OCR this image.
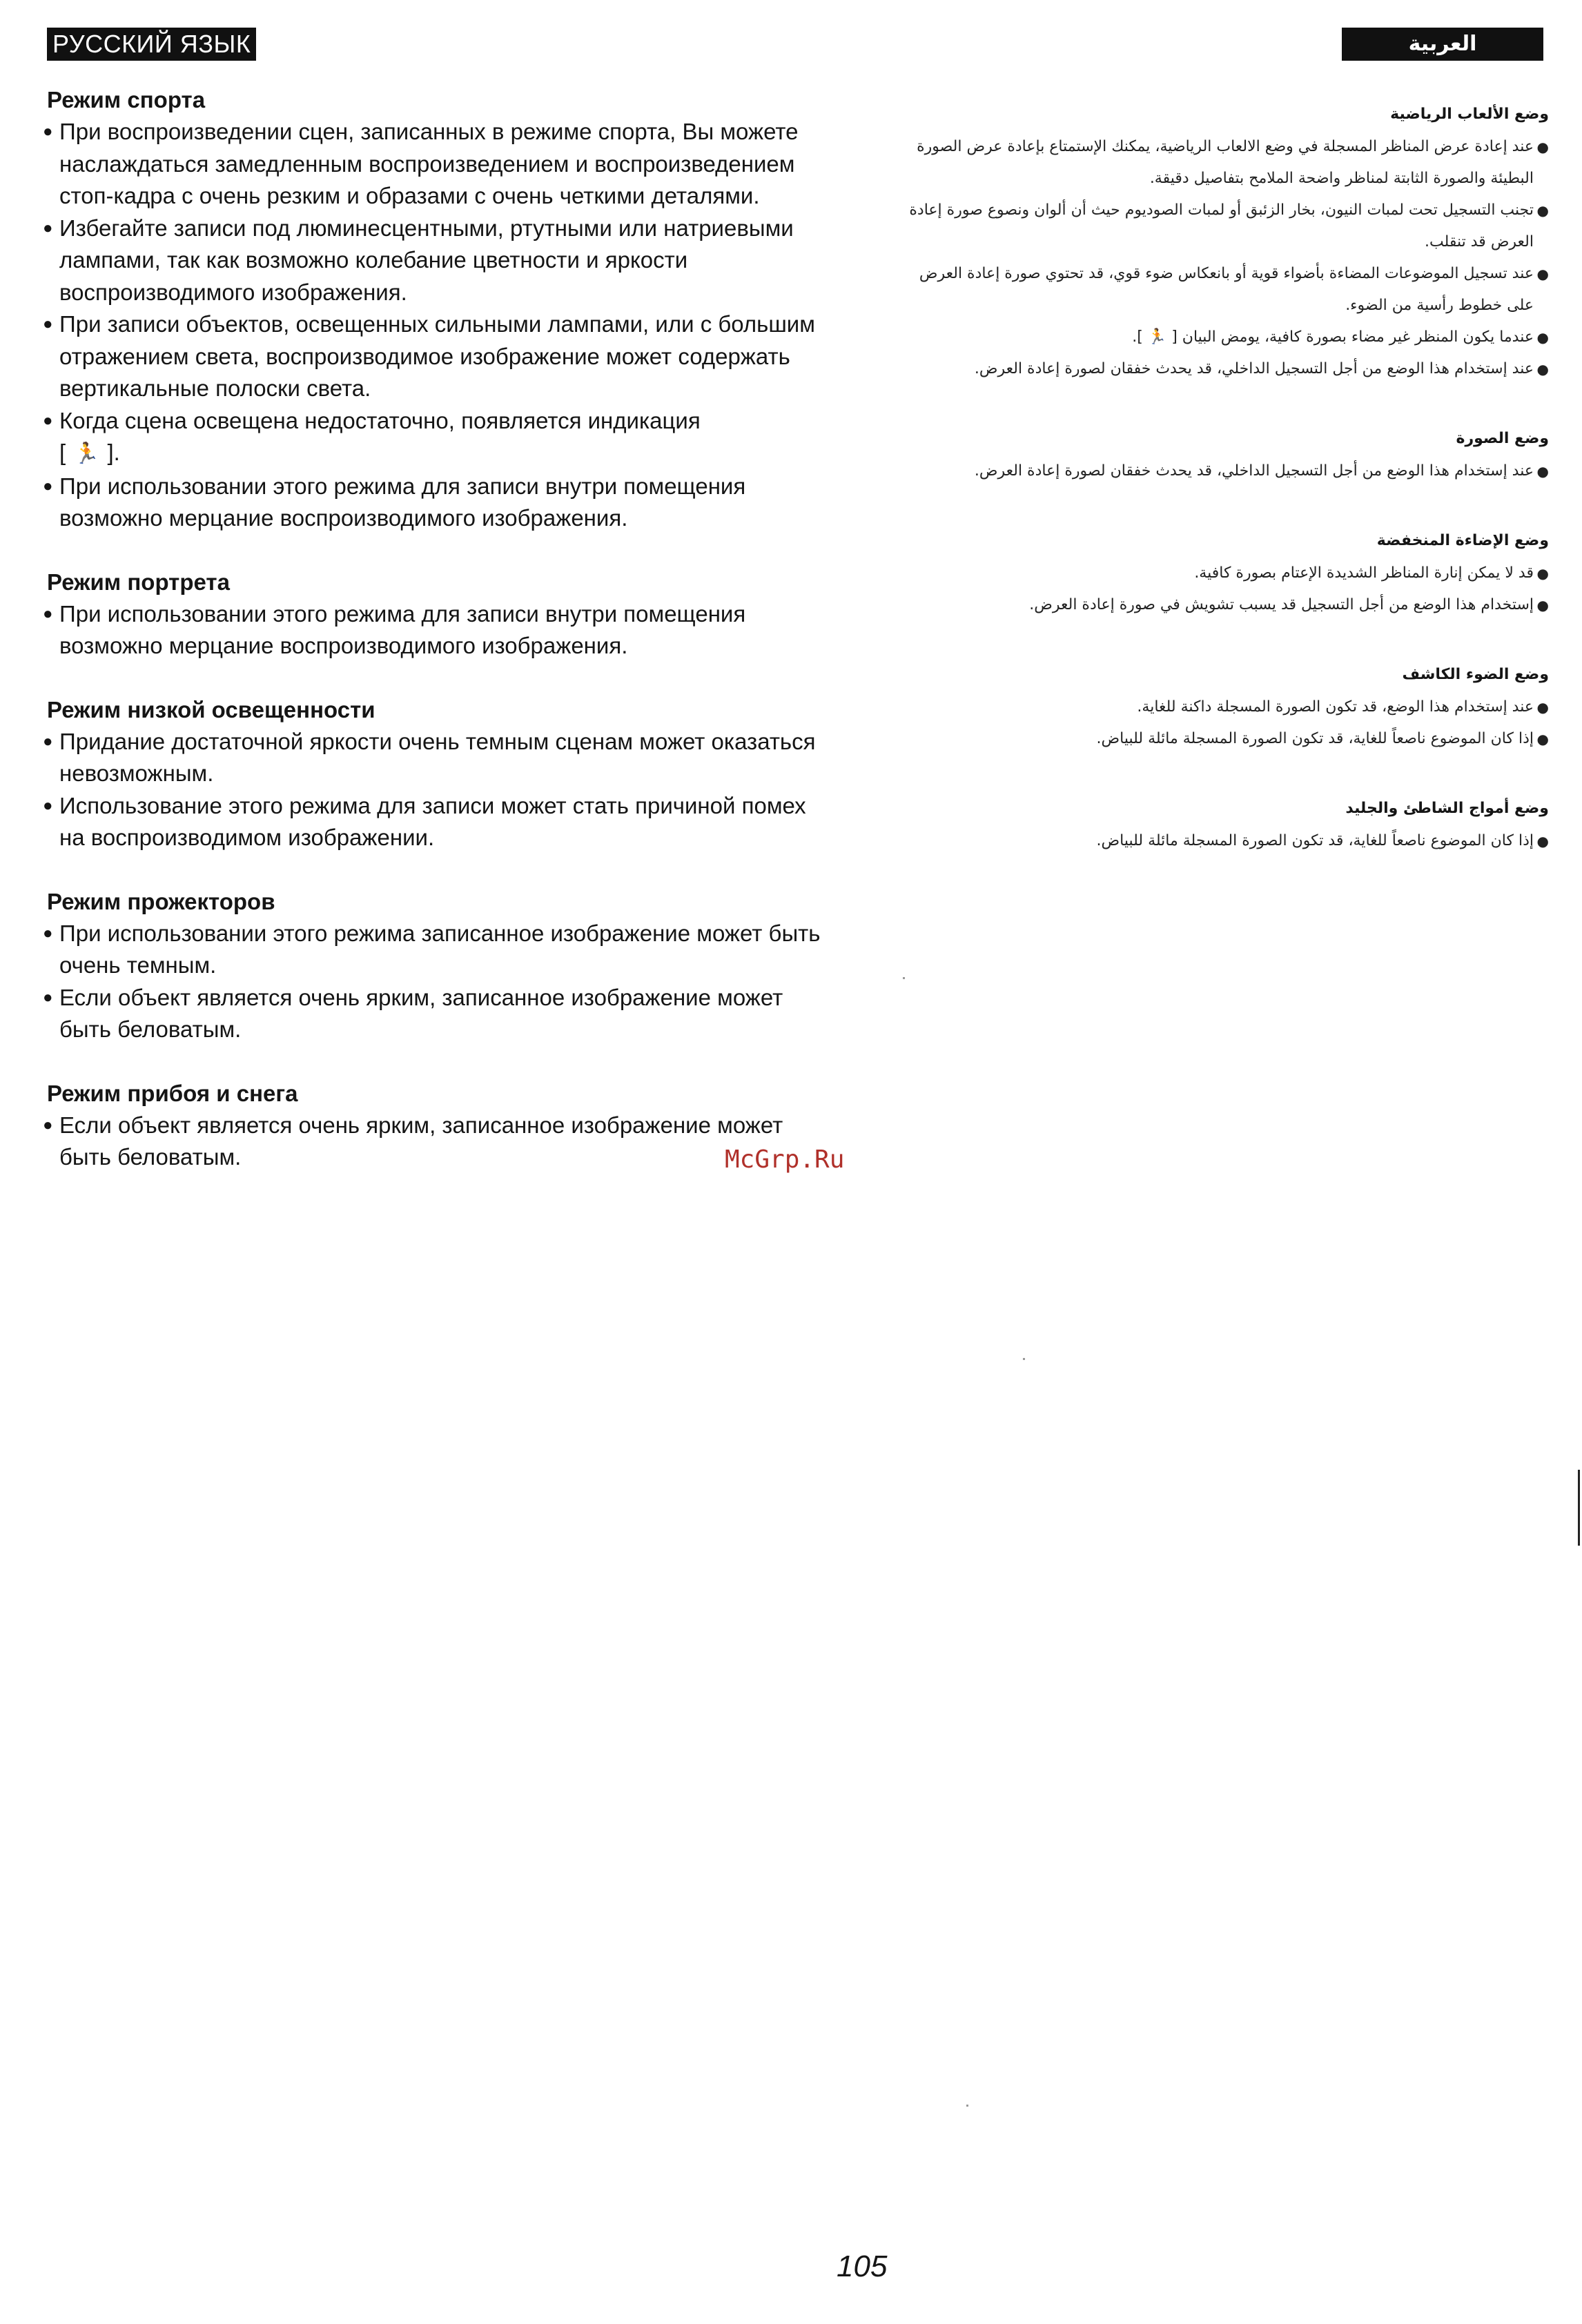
РУССКИЙ ЯЗЫК	العربية
Режим спорта
● При воспроизведении сцен, записанных в режиме спорта, Вы можете наслаждаться замедленным воспроизведением и воспроизведением стоп-кадра с очень резким и образами с очень четкими деталями.
● Избегайте записи под люминесцентными, ртутными или натриевыми лампами, так как возможно колебание цветности и яркости воспроизводимого изображения.
● При записи объектов, освещенных сильными лампами, или с большим отражением света, воспроизводимое изображение может содержать вертикальные полоски света.
● Когда сцена освещена недостаточно, появляется индикация
[ 🏃 ].
● При использовании этого режима для записи внутри помещения возможно мерцание воспроизводимого изображения.
Режим портрета
● При использовании этого режима для записи внутри помещения возможно мерцание воспроизводимого изображения.
Режим низкой освещенности
● Придание достаточной яркости очень темным сценам может оказаться невозможным.
● Использование этого режима для записи может стать причиной помех на воспроизводимом изображении.
Режим прожекторов
● При использовании этого режима записанное изображение может быть очень темным.
● Если объект является очень ярким, записанное изображение может быть беловатым.
Режим прибоя и снега
● Если объект является очень ярким, записанное изображение может быть беловатым.
وضع الألعاب الرياضية
●
عند إعادة عرض المناظر المسجلة في وضع الالعاب الرياضية، يمكنك الإستمتاع بإعادة عرض الصورة البطيئة والصورة الثابتة لمناظر واضحة الملامح بتفاصيل دقيقة.
●
تجنب التسجيل تحت لمبات النيون، بخار الزئبق أو لمبات الصوديوم حيث أن ألوان ونصوع صورة إعادة العرض قد تنقلب.
●
عند تسجيل الموضوعات المضاءة بأضواء قوية أو بانعكاس ضوء قوي، قد تحتوي صورة إعادة العرض على خطوط رأسية من الضوء.
●
عندما يكون المنظر غير مضاء بصورة كافية، يومض البيان [ 🏃 ].
●
عند إستخدام هذا الوضع من أجل التسجيل الداخلي، قد يحدث خفقان لصورة إعادة العرض.
وضع الصورة
●
عند إستخدام هذا الوضع من أجل التسجيل الداخلي، قد يحدث خفقان لصورة إعادة العرض.
وضع الإضاءة المنخفضة
●
قد لا يمكن إنارة المناظر الشديدة الإعتام بصورة كافية.
●
إستخدام هذا الوضع من أجل التسجيل قد يسبب تشويش في صورة إعادة العرض.
وضع الضوء الكاشف
●
عند إستخدام هذا الوضع، قد تكون الصورة المسجلة داكنة للغاية.
●
إذا كان الموضوع ناصعاً للغاية، قد تكون الصورة المسجلة مائلة للبياض.
وضع أمواج الشاطئ والجليد
●
إذا كان الموضوع ناصعاً للغاية، قد تكون الصورة المسجلة مائلة للبياض.
McGrp.Ru
105
